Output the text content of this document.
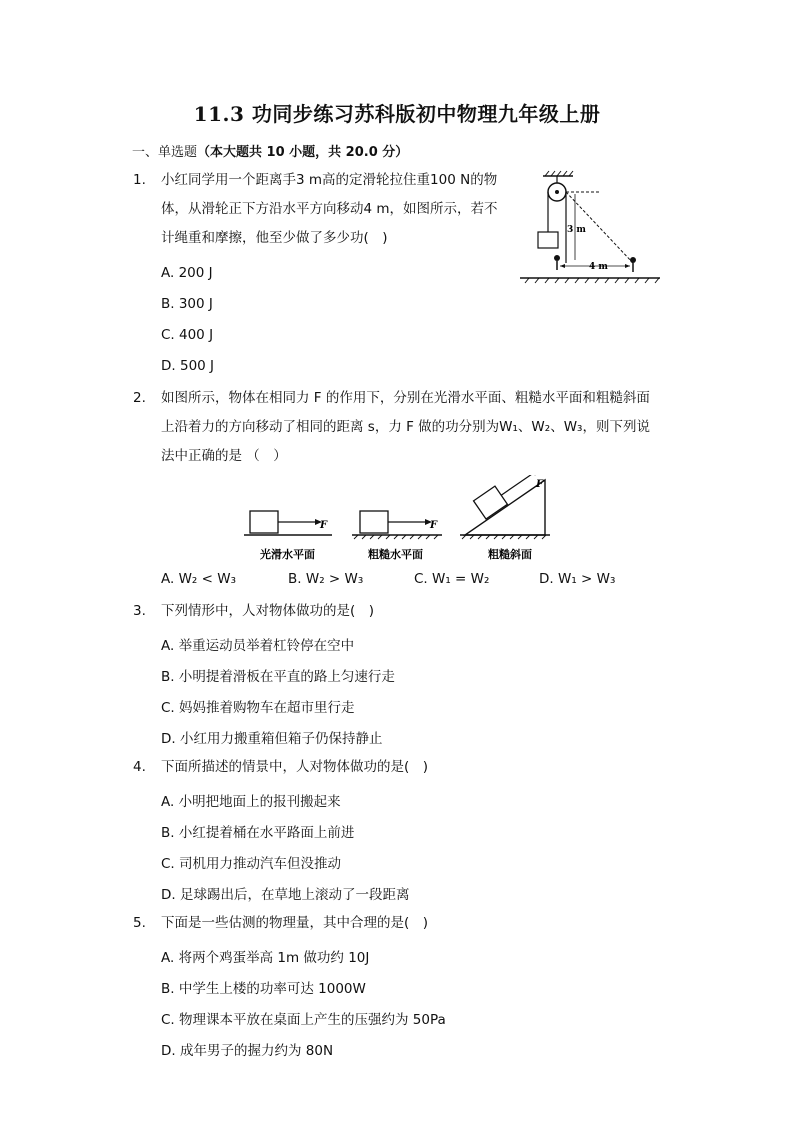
11.3 功同步练习苏科版初中物理九年级上册
一、单选题（本大题共 10 小题，共 20.0 分）
1. 小红同学用一个距离手3 m高的定滑轮拉住重100 N的物
体，从滑轮正下方沿水平方向移动4 m，如图所示，若不
计绳重和摩擦，他至少做了多少功(　)
A. 200 J
B. 300 J
C. 400 J
D. 500 J
3 m
4 m
2. 如图所示，物体在相同力 F 的作用下，分别在光滑水平面、粗糙水平面和粗糙斜面
上沿着力的方向移动了相同的距离 s，力 F 做的功分别为W₁、W₂、W₃，则下列说
法中正确的是 （　）
F
光滑水平面
F
粗糙水平面
F
粗糙斜面
A. W₂ < W₃	B. W₂ > W₃	C. W₁ = W₂	D. W₁ > W₃
3. 下列情形中，人对物体做功的是(　)
A. 举重运动员举着杠铃停在空中
B. 小明提着滑板在平直的路上匀速行走
C. 妈妈推着购物车在超市里行走
D. 小红用力搬重箱但箱子仍保持静止
4. 下面所描述的情景中，人对物体做功的是(　)
A. 小明把地面上的报刊搬起来
B. 小红提着桶在水平路面上前进
C. 司机用力推动汽车但没推动
D. 足球踢出后，在草地上滚动了一段距离
5. 下面是一些估测的物理量，其中合理的是(　)
A. 将两个鸡蛋举高 1m 做功约 10J
B. 中学生上楼的功率可达 1000W
C. 物理课本平放在桌面上产生的压强约为 50Pa
D. 成年男子的握力约为 80N
